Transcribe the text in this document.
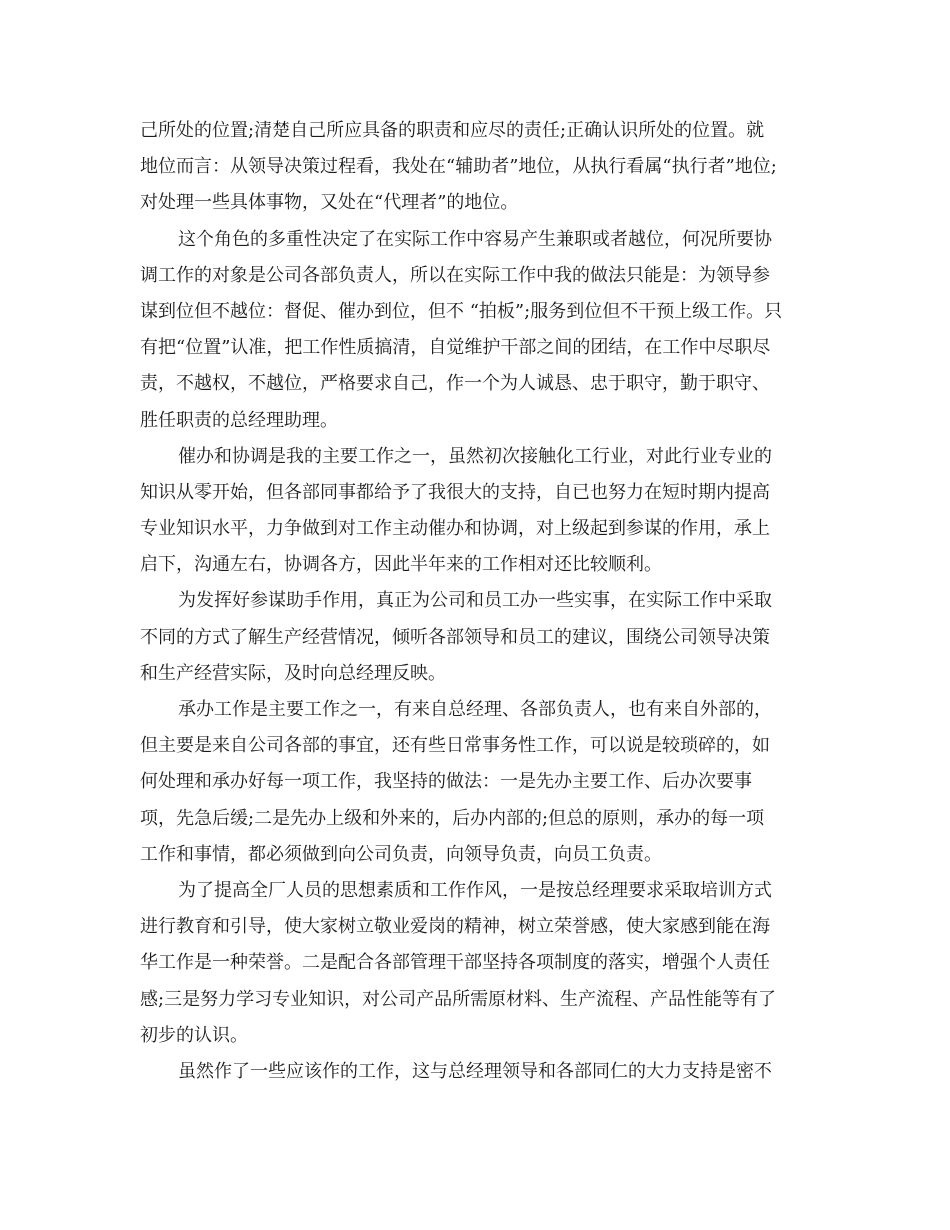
己所处的位置;清楚自己所应具备的职责和应尽的责任;正确认识所处的位置。就
地位而言：从领导决策过程看，我处在“辅助者”地位，从执行看属“执行者”地位;
对处理一些具体事物，又处在“代理者”的地位。
这个角色的多重性决定了在实际工作中容易产生兼职或者越位，何况所要协
调工作的对象是公司各部负责人，所以在实际工作中我的做法只能是：为领导参
谋到位但不越位：督促、催办到位，但不 “拍板”;服务到位但不干预上级工作。只
有把“位置”认准，把工作性质搞清，自觉维护干部之间的团结，在工作中尽职尽
责，不越权，不越位，严格要求自己，作一个为人诚恳、忠于职守，勤于职守、
胜任职责的总经理助理。
催办和协调是我的主要工作之一，虽然初次接触化工行业，对此行业专业的
知识从零开始，但各部同事都给予了我很大的支持，自已也努力在短时期内提高
专业知识水平，力争做到对工作主动催办和协调，对上级起到参谋的作用，承上
启下，沟通左右，协调各方，因此半年来的工作相对还比较顺利。
为发挥好参谋助手作用，真正为公司和员工办一些实事，在实际工作中采取
不同的方式了解生产经营情况，倾听各部领导和员工的建议，围绕公司领导决策
和生产经营实际，及时向总经理反映。
承办工作是主要工作之一，有来自总经理、各部负责人，也有来自外部的，
但主要是来自公司各部的事宜，还有些日常事务性工作，可以说是较琐碎的，如
何处理和承办好每一项工作，我坚持的做法：一是先办主要工作、后办次要事
项，先急后缓;二是先办上级和外来的，后办内部的;但总的原则，承办的每一项
工作和事情，都必须做到向公司负责，向领导负责，向员工负责。
为了提高全厂人员的思想素质和工作作风，一是按总经理要求采取培训方式
进行教育和引导，使大家树立敬业爱岗的精神，树立荣誉感，使大家感到能在海
华工作是一种荣誉。二是配合各部管理干部坚持各项制度的落实，增强个人责任
感;三是努力学习专业知识，对公司产品所需原材料、生产流程、产品性能等有了
初步的认识。
虽然作了一些应该作的工作，这与总经理领导和各部同仁的大力支持是密不
